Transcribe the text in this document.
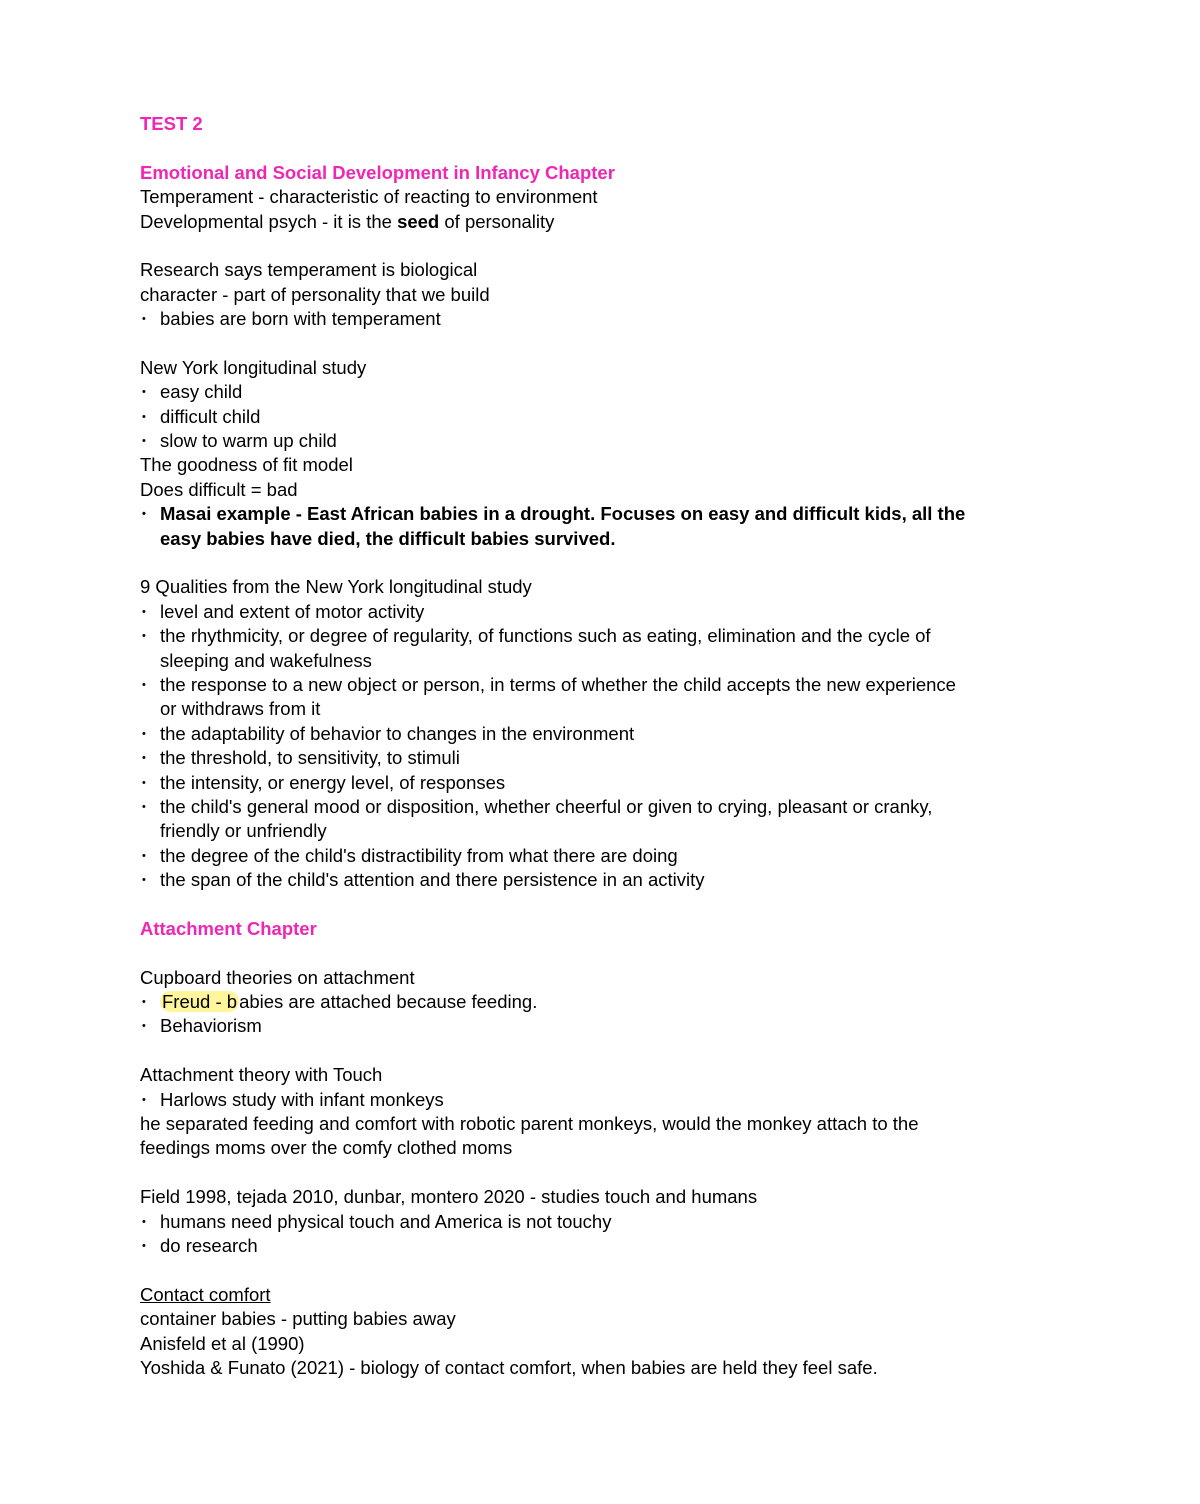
TEST 2
Emotional and Social Development in Infancy Chapter
Temperament - characteristic of reacting to environment
Developmental psych - it is the seed of personality
Research says temperament is biological
character - part of personality that we build
• babies are born with temperament
New York longitudinal study
• easy child
• difficult child
• slow to warm up child
The goodness of fit model
Does difficult = bad
• Masai example - East African babies in a drought. Focuses on easy and difficult kids, all the
easy babies have died, the difficult babies survived.
9 Qualities from the New York longitudinal study
• level and extent of motor activity
• the rhythmicity, or degree of regularity, of functions such as eating, elimination and the cycle of
sleeping and wakefulness
• the response to a new object or person, in terms of whether the child accepts the new experience
or withdraws from it
• the adaptability of behavior to changes in the environment
• the threshold, to sensitivity, to stimuli
• the intensity, or energy level, of responses
• the child's general mood or disposition, whether cheerful or given to crying, pleasant or cranky,
friendly or unfriendly
• the degree of the child's distractibility from what there are doing
• the span of the child's attention and there persistence in an activity
Attachment Chapter
Cupboard theories on attachment
• Freud - b abies are attached because feeding.
• Behaviorism
Attachment theory with Touch
• Harlows study with infant monkeys
he separated feeding and comfort with robotic parent monkeys, would the monkey attach to the
feedings moms over the comfy clothed moms
Field 1998, tejada 2010, dunbar, montero 2020 - studies touch and humans
• humans need physical touch and America is not touchy
• do research
Contact comfort
container babies - putting babies away
Anisfeld et al (1990)
Yoshida & Funato (2021) - biology of contact comfort, when babies are held they feel safe.
